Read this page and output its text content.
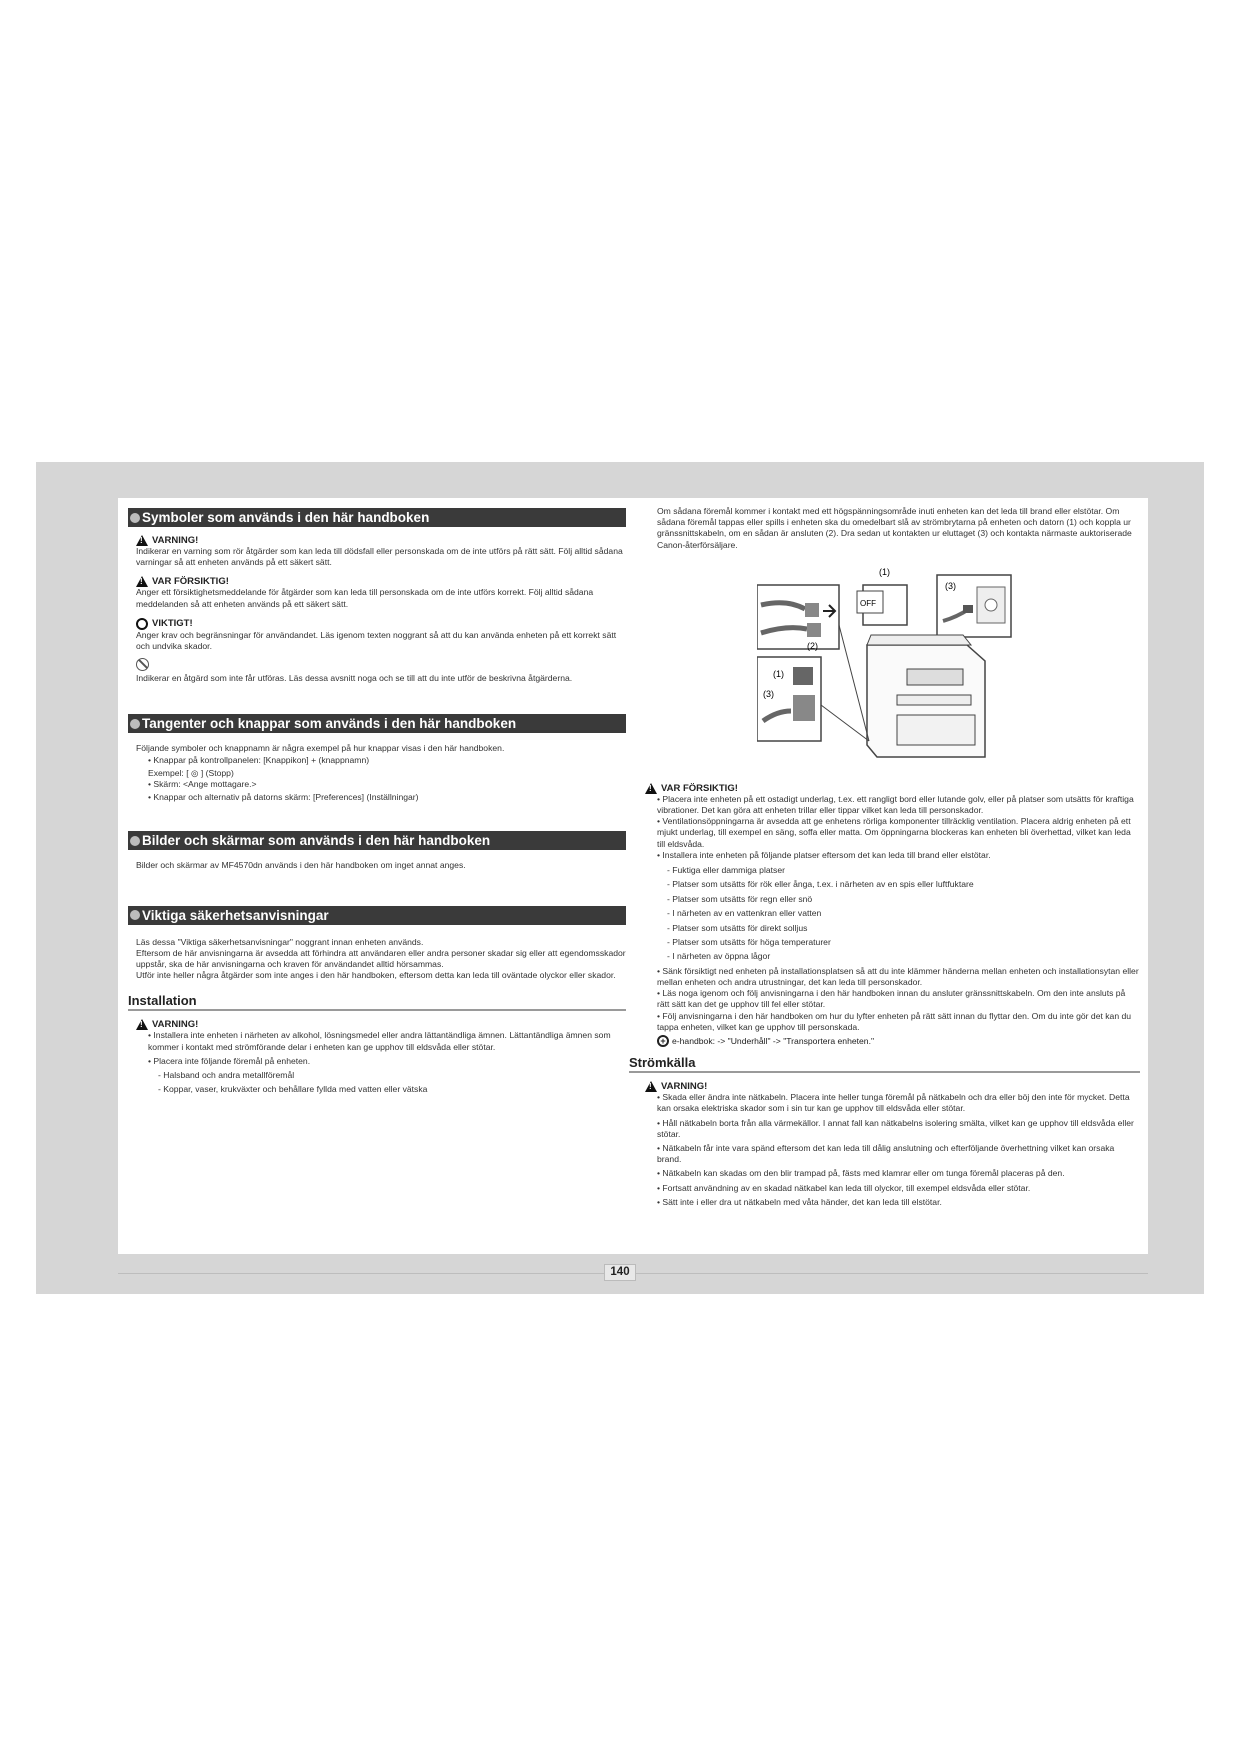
Symboler som används i den här handboken
!
VARNING!

Indikerar en varning som rör åtgärder som kan leda till dödsfall eller personskada om de inte utförs på rätt sätt. Följ alltid sådana varningar så att enheten används på ett säkert sätt.

!
VAR FÖRSIKTIG!

Anger ett försiktighetsmeddelande för åtgärder som kan leda till personskada om de inte utförs korrekt. Följ alltid sådana meddelanden så att enheten används på ett säkert sätt.

VIKTIGT!

Anger krav och begränsningar för användandet. Läs igenom texten noggrant så att du kan använda enheten på ett korrekt sätt och undvika skador.

Indikerar en åtgärd som inte får utföras. Läs dessa avsnitt noga och se till att du inte utför de beskrivna åtgärderna.

Tangenter och knappar som används i den här handboken

Följande symboler och knappnamn är några exempel på hur knappar visas i den här handboken.

• Knappar på kontrollpanelen: [Knappikon] + (knappnamn)

Exempel: [ ◎ ] (Stopp)

• Skärm: <Ange mottagare.>

• Knappar och alternativ på datorns skärm: [Preferences] (Inställningar)

Bilder och skärmar som används i den här handboken

Bilder och skärmar av MF4570dn används i den här handboken om inget annat anges.

Viktiga säkerhetsanvisningar

Läs dessa "Viktiga säkerhetsanvisningar" noggrant innan enheten används.

Eftersom de här anvisningarna är avsedda att förhindra att användaren eller andra personer skadar sig eller att egendomsskador uppstår, ska de här anvisningarna och kraven för användandet alltid hörsammas.

Utför inte heller några åtgärder som inte anges i den här handboken, eftersom detta kan leda till oväntade olyckor eller skador.

Installation
!
VARNING!

• Installera inte enheten i närheten av alkohol, lösningsmedel eller andra lättantändliga ämnen. Lättantändliga ämnen som kommer i kontakt med strömförande delar i enheten kan ge upphov till eldsvåda eller stötar.

• Placera inte följande föremål på enheten.

- Halsband och andra metallföremål

- Koppar, vaser, krukväxter och behållare fyllda med vatten eller vätska

Om sådana föremål kommer i kontakt med ett högspänningsområde inuti enheten kan det leda till brand eller elstötar. Om sådana föremål tappas eller spills i enheten ska du omedelbart slå av strömbrytarna på enheten och datorn (1) och koppla ur gränssnittskabeln, om en sådan är ansluten (2). Dra sedan ut kontakten ur eluttaget (3) och kontakta närmaste auktoriserade Canon-återförsäljare.

(2)
(1)
OFF
(3)
(1)
(3)
!
VAR FÖRSIKTIG!

• Placera inte enheten på ett ostadigt underlag, t.ex. ett rangligt bord eller lutande golv, eller på platser som utsätts för kraftiga vibrationer. Det kan göra att enheten trillar eller tippar vilket kan leda till personskador.

• Ventilationsöppningarna är avsedda att ge enhetens rörliga komponenter tillräcklig ventilation. Placera aldrig enheten på ett mjukt underlag, till exempel en säng, soffa eller matta. Om öppningarna blockeras kan enheten bli överhettad, vilket kan leda till eldsvåda.

• Installera inte enheten på följande platser eftersom det kan leda till brand eller elstötar.

- Fuktiga eller dammiga platser

- Platser som utsätts för rök eller ånga, t.ex. i närheten av en spis eller luftfuktare

- Platser som utsätts för regn eller snö

- I närheten av en vattenkran eller vatten

- Platser som utsätts för direkt solljus

- Platser som utsätts för höga temperaturer

- I närheten av öppna lågor

• Sänk försiktigt ned enheten på installationsplatsen så att du inte klämmer händerna mellan enheten och installationsytan eller mellan enheten och andra utrustningar, det kan leda till personskador.

• Läs noga igenom och följ anvisningarna i den här handboken innan du ansluter gränssnittskabeln. Om den inte ansluts på rätt sätt kan det ge upphov till fel eller stötar.

• Följ anvisningarna i den här handboken om hur du lyfter enheten på rätt sätt innan du flyttar den. Om du inte gör det kan du tappa enheten, vilket kan ge upphov till personskada.

+ e-handbok: -> "Underhåll" -> "Transportera enheten."
Strömkälla
!
VARNING!

• Skada eller ändra inte nätkabeln. Placera inte heller tunga föremål på nätkabeln och dra eller böj den inte för mycket. Detta kan orsaka elektriska skador som i sin tur kan ge upphov till eldsvåda eller stötar.

• Håll nätkabeln borta från alla värmekällor. I annat fall kan nätkabelns isolering smälta, vilket kan ge upphov till eldsvåda eller stötar.

• Nätkabeln får inte vara spänd eftersom det kan leda till dålig anslutning och efterföljande överhettning vilket kan orsaka brand.

• Nätkabeln kan skadas om den blir trampad på, fästs med klamrar eller om tunga föremål placeras på den.

• Fortsatt användning av en skadad nätkabel kan leda till olyckor, till exempel eldsvåda eller stötar.

• Sätt inte i eller dra ut nätkabeln med våta händer, det kan leda till elstötar.

140
